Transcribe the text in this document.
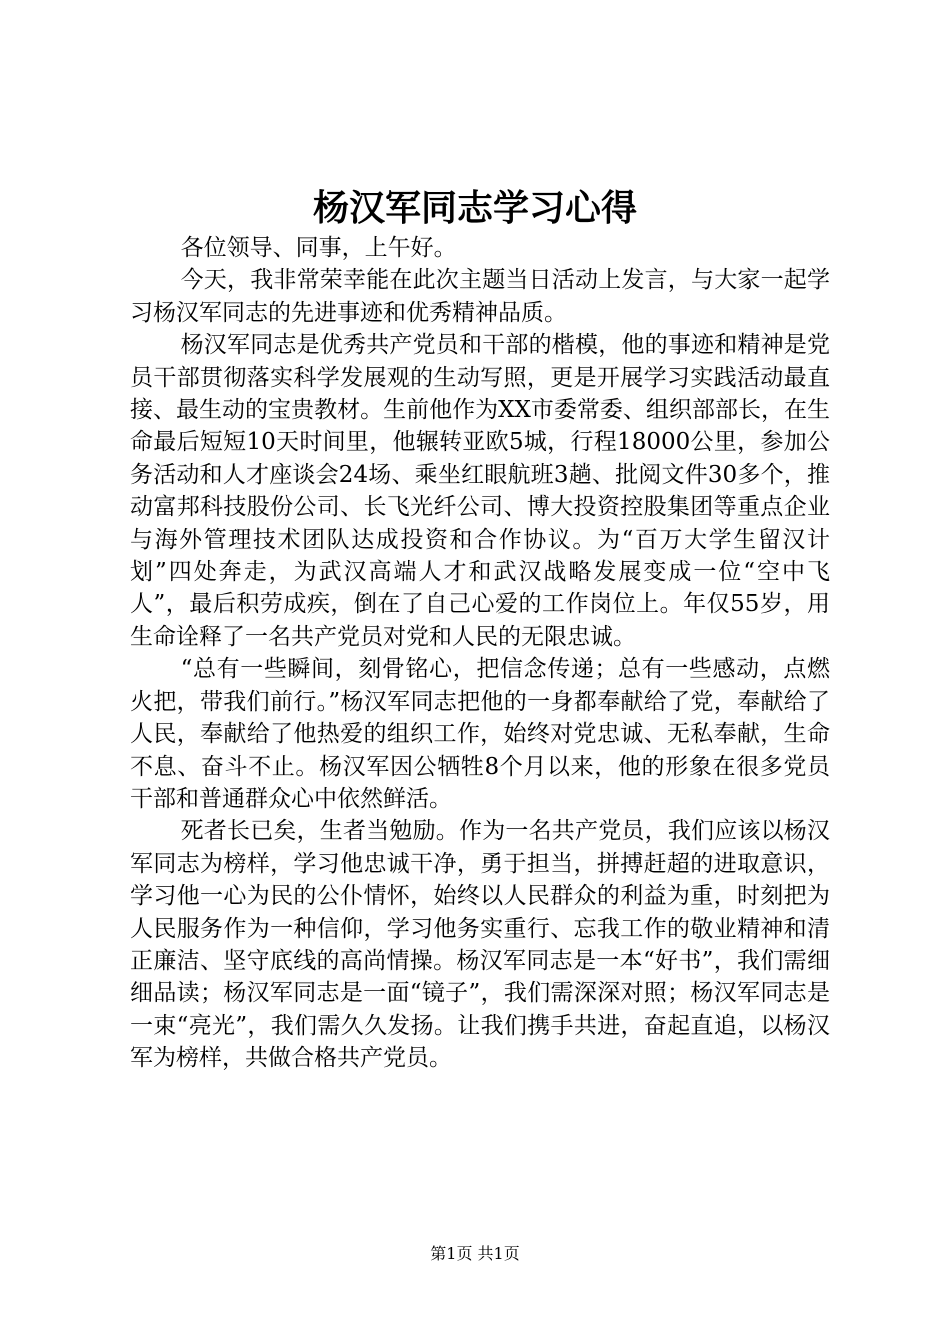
杨汉军同志学习心得

各位领导、同事，上午好。

今天，我非常荣幸能在此次主题当日活动上发言，与大家一起学习杨汉军同志的先进事迹和优秀精神品质。

杨汉军同志是优秀共产党员和干部的楷模，他的事迹和精神是党员干部贯彻落实科学发展观的生动写照，更是开展学习实践活动最直接、最生动的宝贵教材。生前他作为XX市委常委、组织部部长，在生命最后短短10天时间里，他辗转亚欧5城，行程18000公里，参加公务活动和人才座谈会24场、乘坐红眼航班3趟、批阅文件30多个，推动富邦科技股份公司、长飞光纤公司、博大投资控股集团等重点企业与海外管理技术团队达成投资和合作协议。为“百万大学生留汉计划”四处奔走，为武汉高端人才和武汉战略发展变成一位“空中飞人”，最后积劳成疾，倒在了自己心爱的工作岗位上。年仅55岁，用生命诠释了一名共产党员对党和人民的无限忠诚。

“总有一些瞬间，刻骨铭心，把信念传递；总有一些感动，点燃火把，带我们前行。”杨汉军同志把他的一身都奉献给了党，奉献给了人民，奉献给了他热爱的组织工作，始终对党忠诚、无私奉献，生命不息、奋斗不止。杨汉军因公牺牲8个月以来，他的形象在很多党员干部和普通群众心中依然鲜活。

死者长已矣，生者当勉励。作为一名共产党员，我们应该以杨汉军同志为榜样，学习他忠诚干净，勇于担当，拼搏赶超的进取意识，学习他一心为民的公仆情怀，始终以人民群众的利益为重，时刻把为人民服务作为一种信仰，学习他务实重行、忘我工作的敬业精神和清正廉洁、坚守底线的高尚情操。杨汉军同志是一本“好书”，我们需细细品读；杨汉军同志是一面“镜子”，我们需深深对照；杨汉军同志是一束“亮光”，我们需久久发扬。让我们携手共进，奋起直追，以杨汉军为榜样，共做合格共产党员。

第1页 共1页
